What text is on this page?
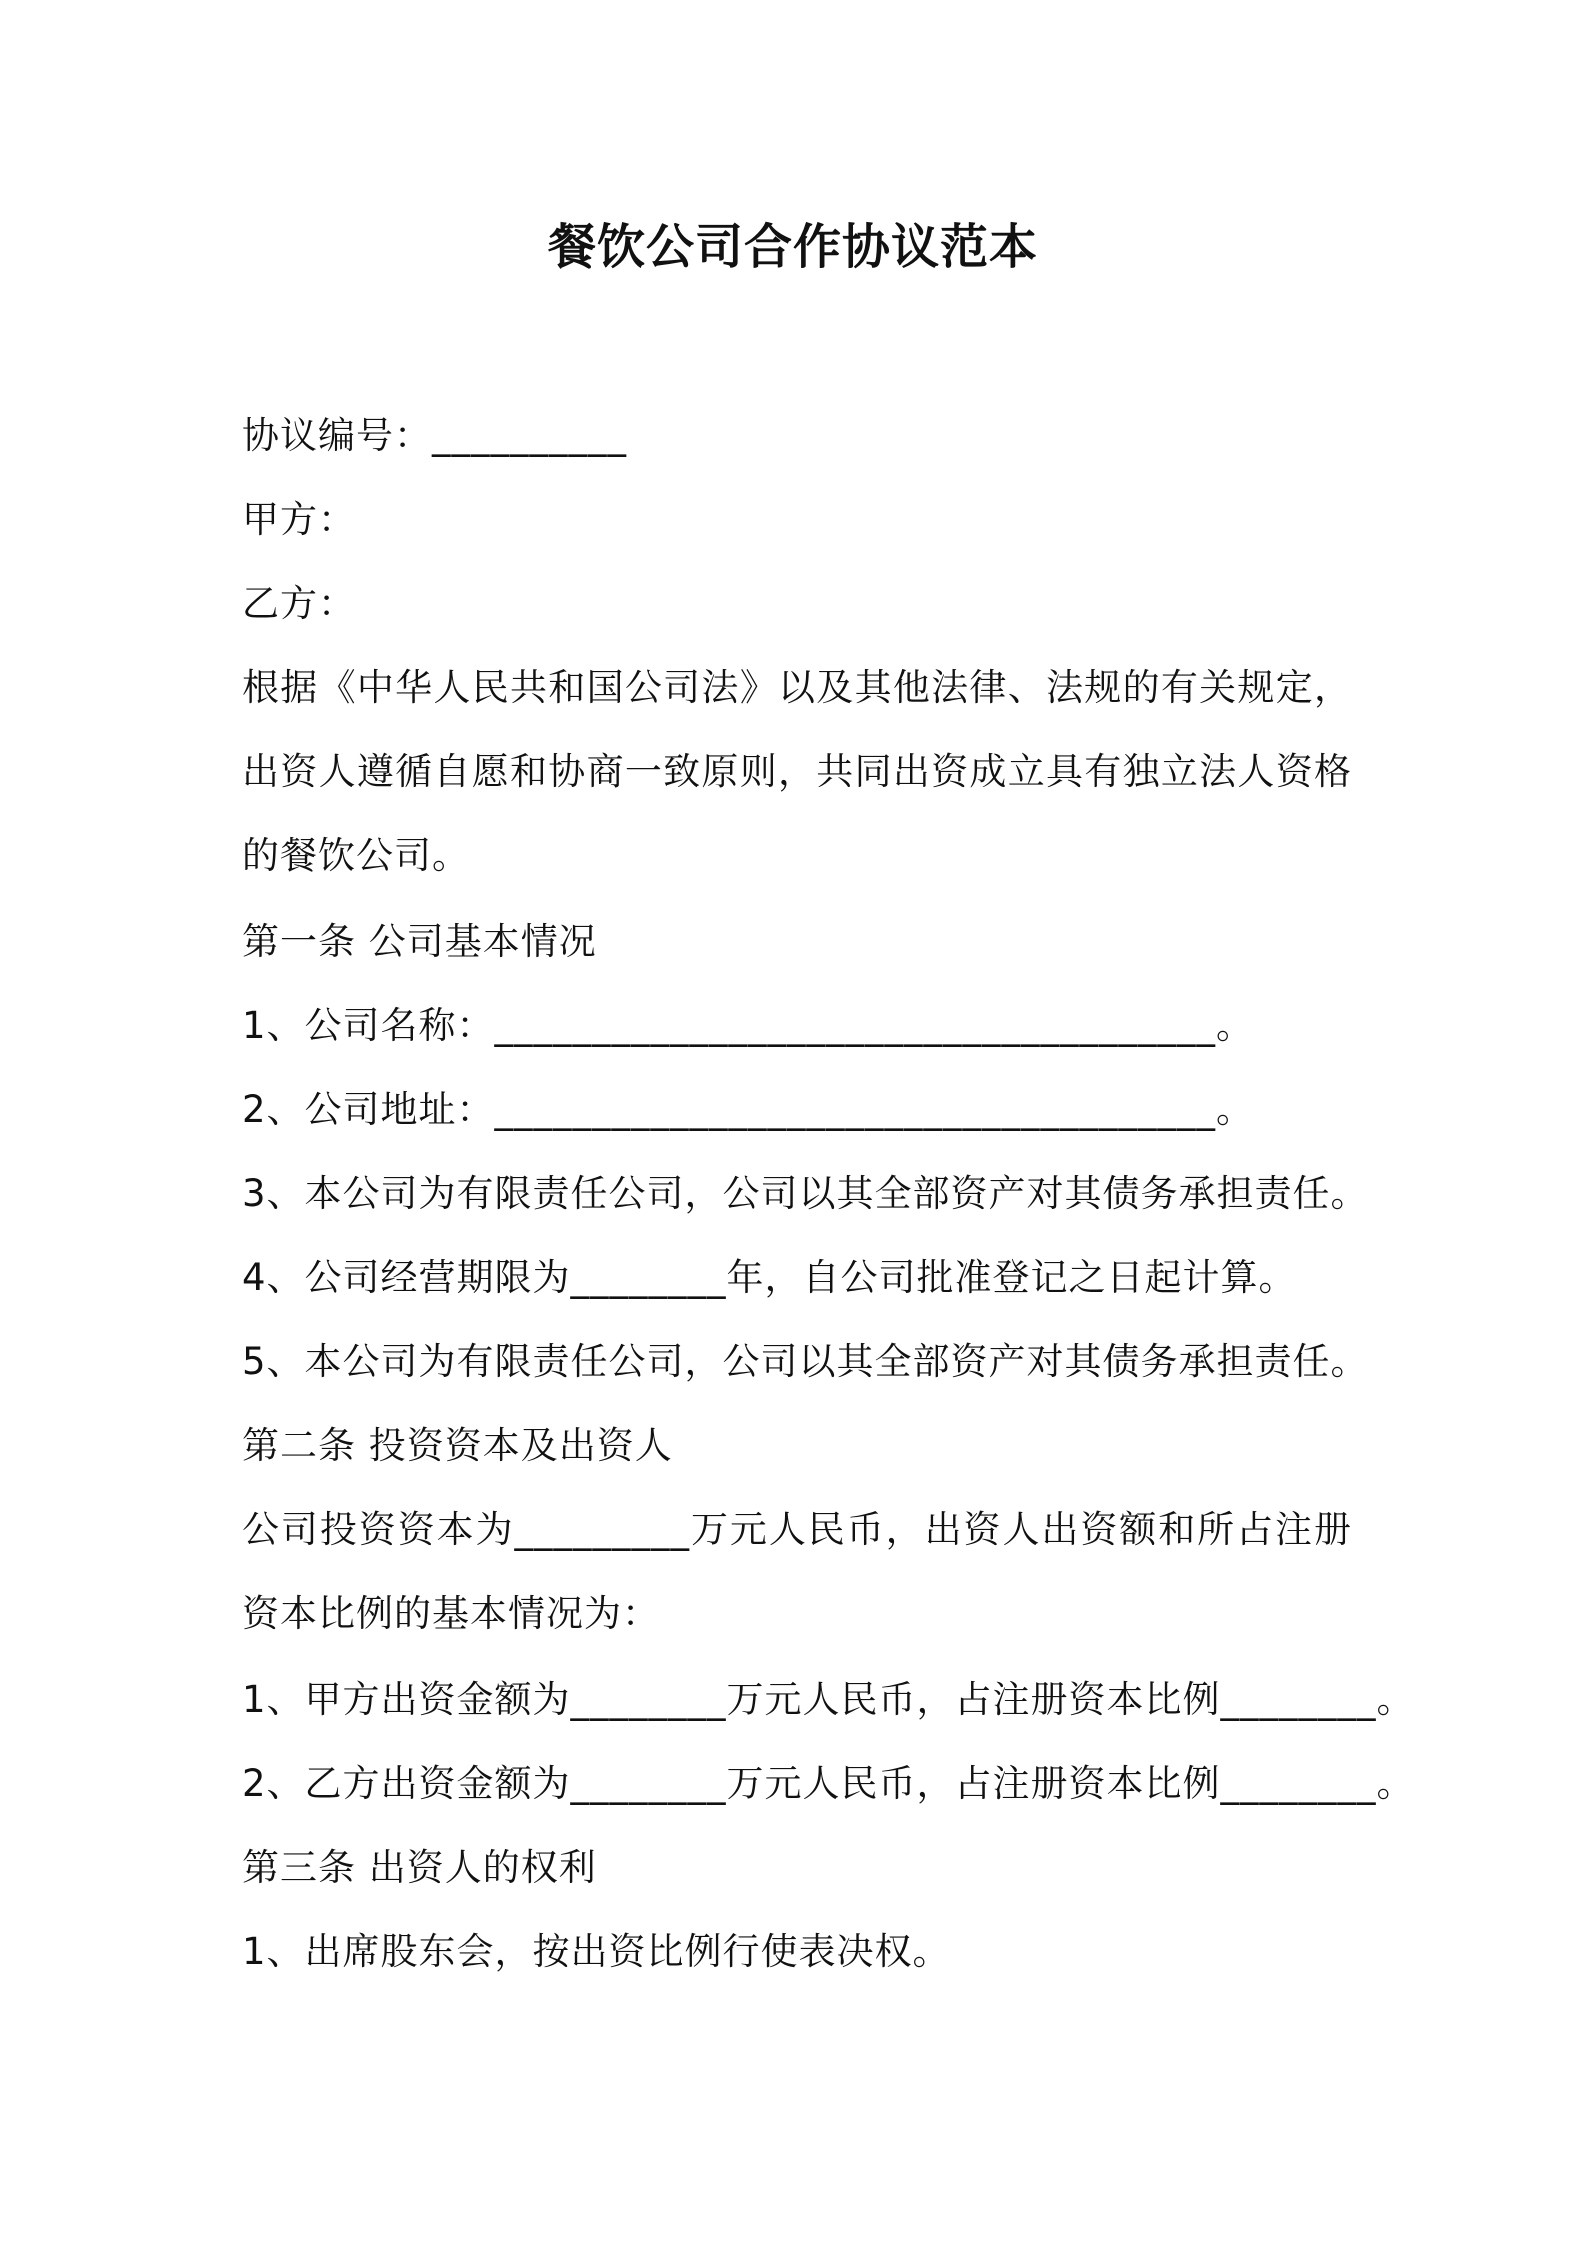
餐饮公司合作协议范本
协议编号：__________
甲方：
乙方：
根据《中华人民共和国公司法》以及其他法律、法规的有关规定，出资人遵循自愿和协商一致原则，共同出资成立具有独立法人资格的餐饮公司。
第一条 公司基本情况
1、公司名称：_____________________________________。
2、公司地址：_____________________________________。
3、本公司为有限责任公司，公司以其全部资产对其债务承担责任。
4、公司经营期限为________年，自公司批准登记之日起计算。
5、本公司为有限责任公司，公司以其全部资产对其债务承担责任。
第二条 投资资本及出资人
公司投资资本为_________万元人民币，出资人出资额和所占注册资本比例的基本情况为：
1、甲方出资金额为________万元人民币，占注册资本比例________。
2、乙方出资金额为________万元人民币，占注册资本比例________。
第三条 出资人的权利
1、出席股东会，按出资比例行使表决权。
